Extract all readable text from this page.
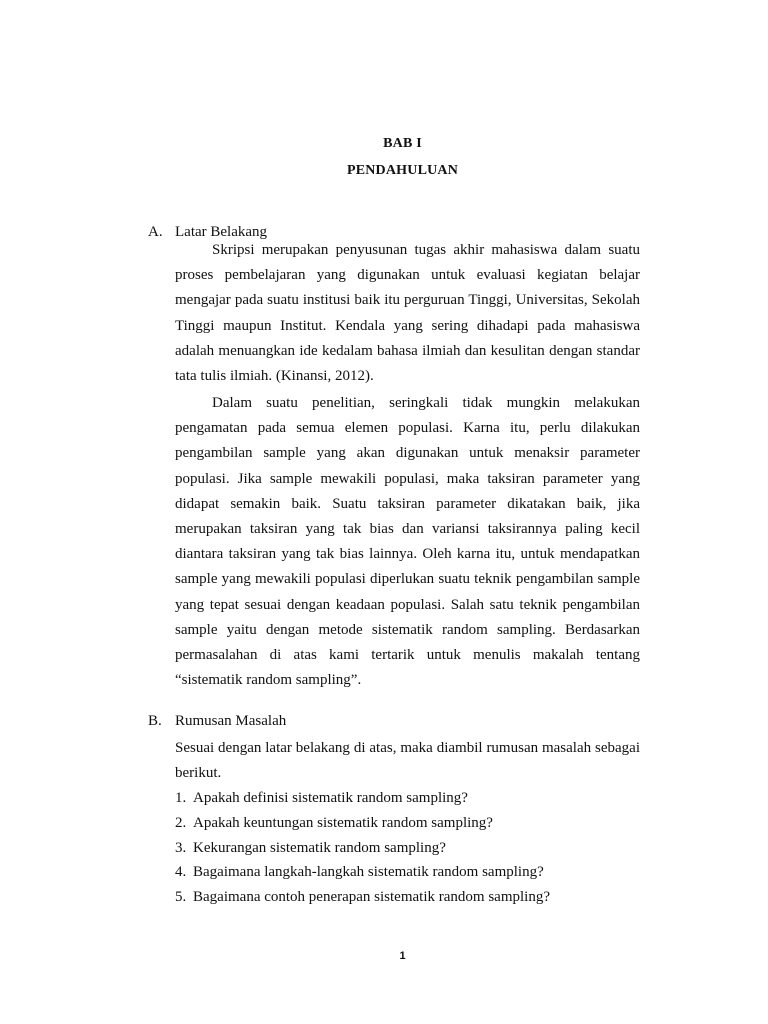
BAB I
PENDAHULUAN
A. Latar Belakang

Skripsi merupakan penyusunan tugas akhir mahasiswa dalam suatu proses pembelajaran yang digunakan untuk evaluasi kegiatan belajar mengajar pada suatu institusi baik itu perguruan Tinggi, Universitas, Sekolah Tinggi maupun Institut. Kendala yang sering dihadapi pada mahasiswa adalah menuangkan ide kedalam bahasa ilmiah dan kesulitan dengan standar tata tulis ilmiah. (Kinansi, 2012).

Dalam suatu penelitian, seringkali tidak mungkin melakukan pengamatan pada semua elemen populasi. Karna itu, perlu dilakukan pengambilan sample yang akan digunakan untuk menaksir parameter populasi. Jika sample mewakili populasi, maka taksiran parameter yang didapat semakin baik. Suatu taksiran parameter dikatakan baik, jika merupakan taksiran yang tak bias dan variansi taksirannya paling kecil diantara taksiran yang tak bias lainnya. Oleh karna itu, untuk mendapatkan sample yang mewakili populasi diperlukan suatu teknik pengambilan sample yang tepat sesuai dengan keadaan populasi. Salah satu teknik pengambilan sample yaitu dengan metode sistematik random sampling. Berdasarkan permasalahan di atas kami tertarik untuk menulis makalah tentang “sistematik random sampling”.

B. Rumusan Masalah

Sesuai dengan latar belakang di atas, maka diambil rumusan masalah sebagai berikut.

1. Apakah definisi sistematik random sampling?
2. Apakah keuntungan sistematik random sampling?
3. Kekurangan sistematik random sampling?
4. Bagaimana langkah-langkah sistematik random sampling?
5. Bagaimana contoh penerapan sistematik random sampling?
1
